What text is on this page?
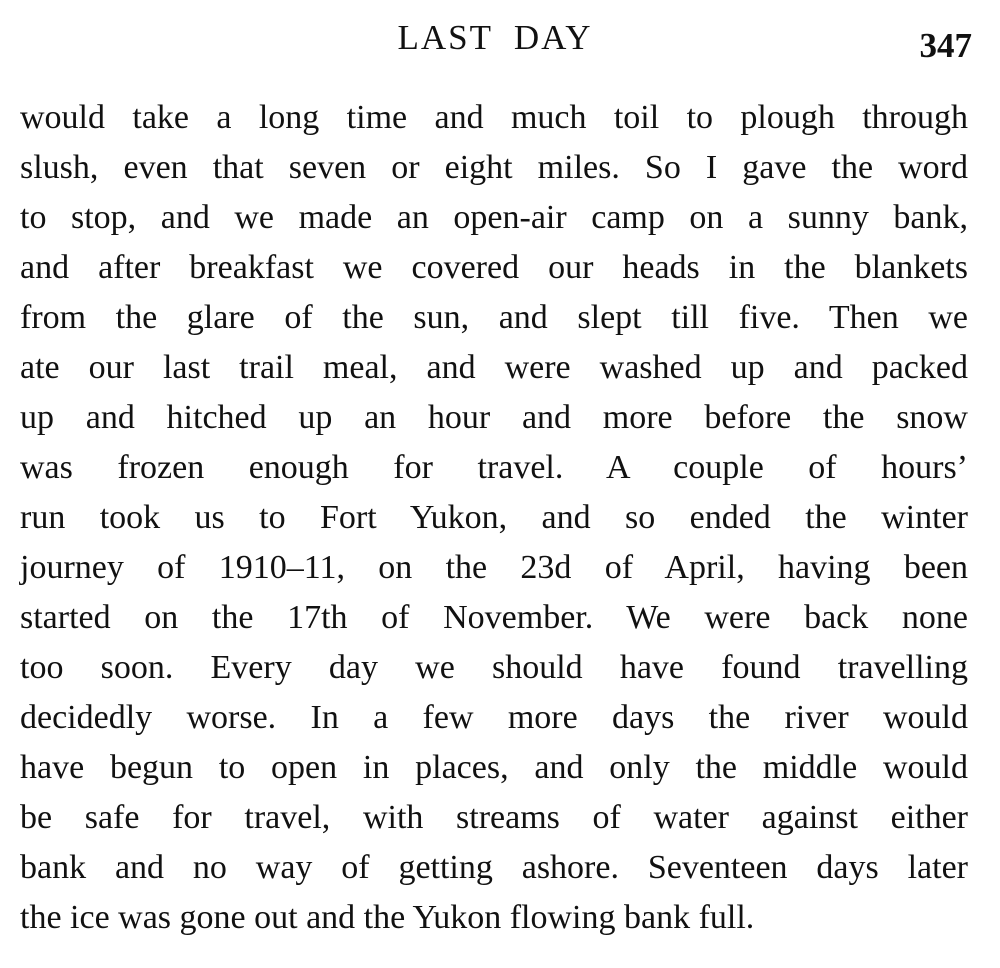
LAST  DAY	347
would take a long time and much toil to plough through
slush, even that seven or eight miles. So I gave the word
to stop, and we made an open-air camp on a sunny bank,
and after breakfast we covered our heads in the blankets
from the glare of the sun, and slept till five. Then we
ate our last trail meal, and were washed up and packed
up and hitched up an hour and more before the snow
was frozen enough for travel. A couple of hours’
run took us to Fort Yukon, and so ended the winter
journey of 1910–11, on the 23d of April, having been
started on the 17th of November. We were back none
too soon. Every day we should have found travelling
decidedly worse. In a few more days the river would
have begun to open in places, and only the middle would
be safe for travel, with streams of water against either
bank and no way of getting ashore. Seventeen days later
the ice was gone out and the Yukon flowing bank full.
